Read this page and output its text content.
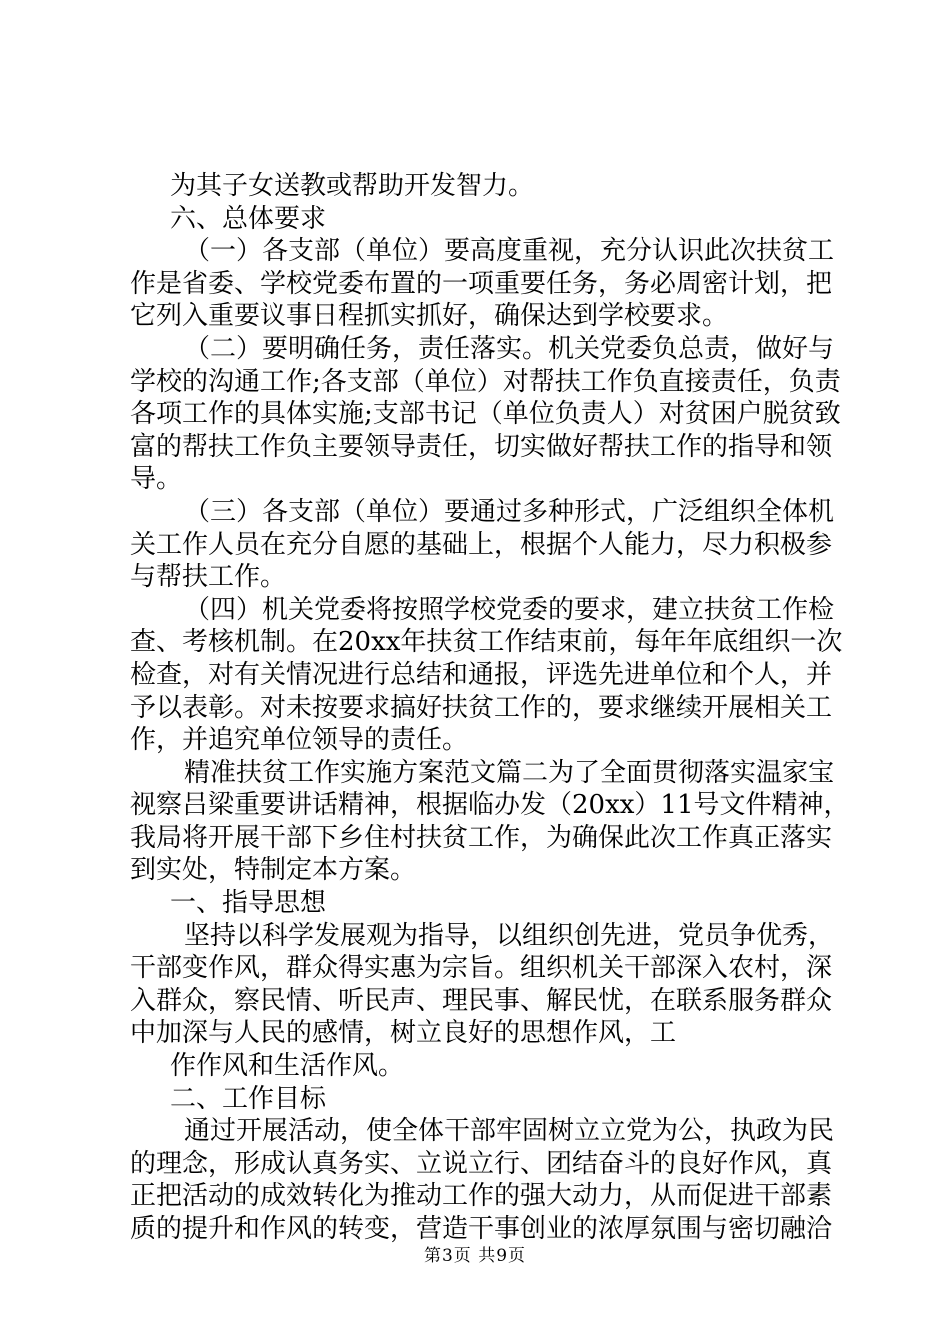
为其子女送教或帮助开发智力。
六、总体要求
（一）各支部（单位）要高度重视，充分认识此次扶贫工
作是省委、学校党委布置的一项重要任务，务必周密计划，把
它列入重要议事日程抓实抓好，确保达到学校要求。
（二）要明确任务，责任落实。机关党委负总责，做好与
学校的沟通工作;各支部（单位）对帮扶工作负直接责任，负责
各项工作的具体实施;支部书记（单位负责人）对贫困户脱贫致
富的帮扶工作负主要领导责任，切实做好帮扶工作的指导和领
导。
（三）各支部（单位）要通过多种形式，广泛组织全体机
关工作人员在充分自愿的基础上，根据个人能力，尽力积极参
与帮扶工作。
（四）机关党委将按照学校党委的要求，建立扶贫工作检
查、考核机制。在20xx年扶贫工作结束前，每年年底组织一次
检查，对有关情况进行总结和通报，评选先进单位和个人，并
予以表彰。对未按要求搞好扶贫工作的，要求继续开展相关工
作，并追究单位领导的责任。
精准扶贫工作实施方案范文篇二为了全面贯彻落实温家宝
视察吕梁重要讲话精神，根据临办发（20xx）11号文件精神，
我局将开展干部下乡住村扶贫工作，为确保此次工作真正落实
到实处，特制定本方案。
一、指导思想
坚持以科学发展观为指导，以组织创先进，党员争优秀，
干部变作风，群众得实惠为宗旨。组织机关干部深入农村，深
入群众，察民情、听民声、理民事、解民忧，在联系服务群众
中加深与人民的感情，树立良好的思想作风，工
作作风和生活作风。
二、工作目标
通过开展活动，使全体干部牢固树立立党为公，执政为民
的理念，形成认真务实、立说立行、团结奋斗的良好作风，真
正把活动的成效转化为推动工作的强大动力，从而促进干部素
质的提升和作风的转变，营造干事创业的浓厚氛围与密切融洽
第3页 共9页
